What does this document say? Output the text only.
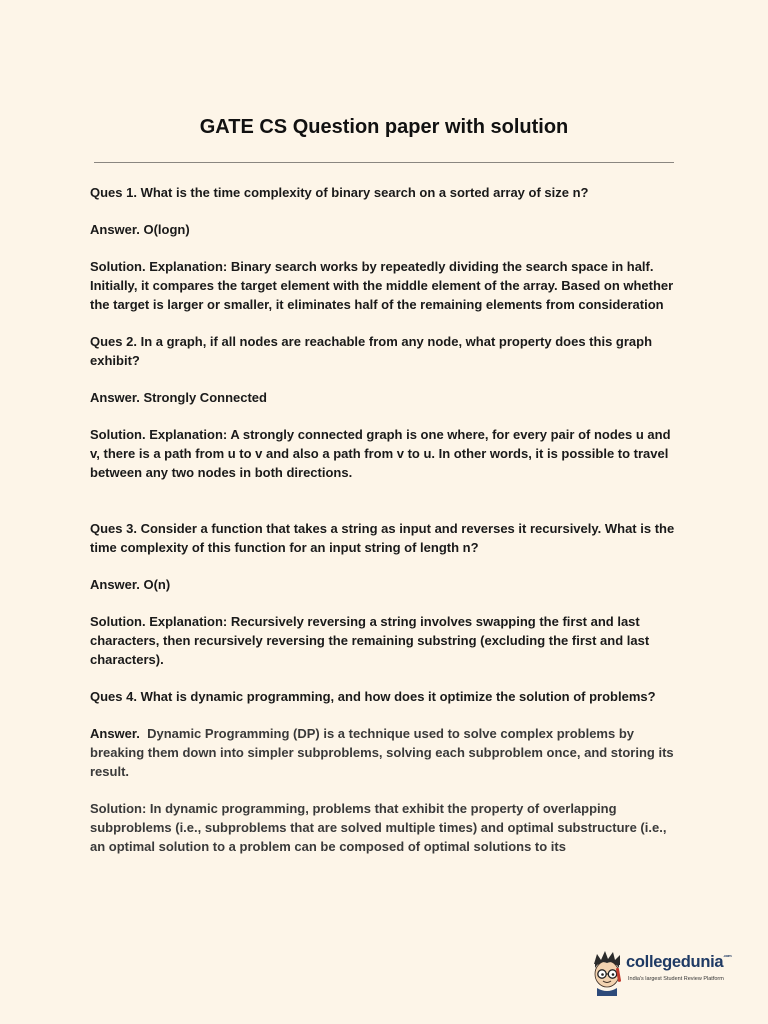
GATE CS Question paper with solution

Ques 1. What is the time complexity of binary search on a sorted array of size n?

Answer. O(logn)

Solution. Explanation: Binary search works by repeatedly dividing the search space in half. Initially, it compares the target element with the middle element of the array. Based on whether the target is larger or smaller, it eliminates half of the remaining elements from consideration

Ques 2. In a graph, if all nodes are reachable from any node, what property does this graph exhibit?

Answer. Strongly Connected

Solution. Explanation: A strongly connected graph is one where, for every pair of nodes u and v, there is a path from u to v and also a path from v to u. In other words, it is possible to travel between any two nodes in both directions.

Ques 3. Consider a function that takes a string as input and reverses it recursively. What is the time complexity of this function for an input string of length n?

Answer. O(n)

Solution. Explanation: Recursively reversing a string involves swapping the first and last characters, then recursively reversing the remaining substring (excluding the first and last characters).

Ques 4. What is dynamic programming, and how does it optimize the solution of problems?

Answer. Dynamic Programming (DP) is a technique used to solve complex problems by breaking them down into simpler subproblems, solving each subproblem once, and storing its result.

Solution: In dynamic programming, problems that exhibit the property of overlapping subproblems (i.e., subproblems that are solved multiple times) and optimal substructure (i.e., an optimal solution to a problem can be composed of optimal solutions to its

collegedunia$^{.com}$
India's largest Student Review Platform
